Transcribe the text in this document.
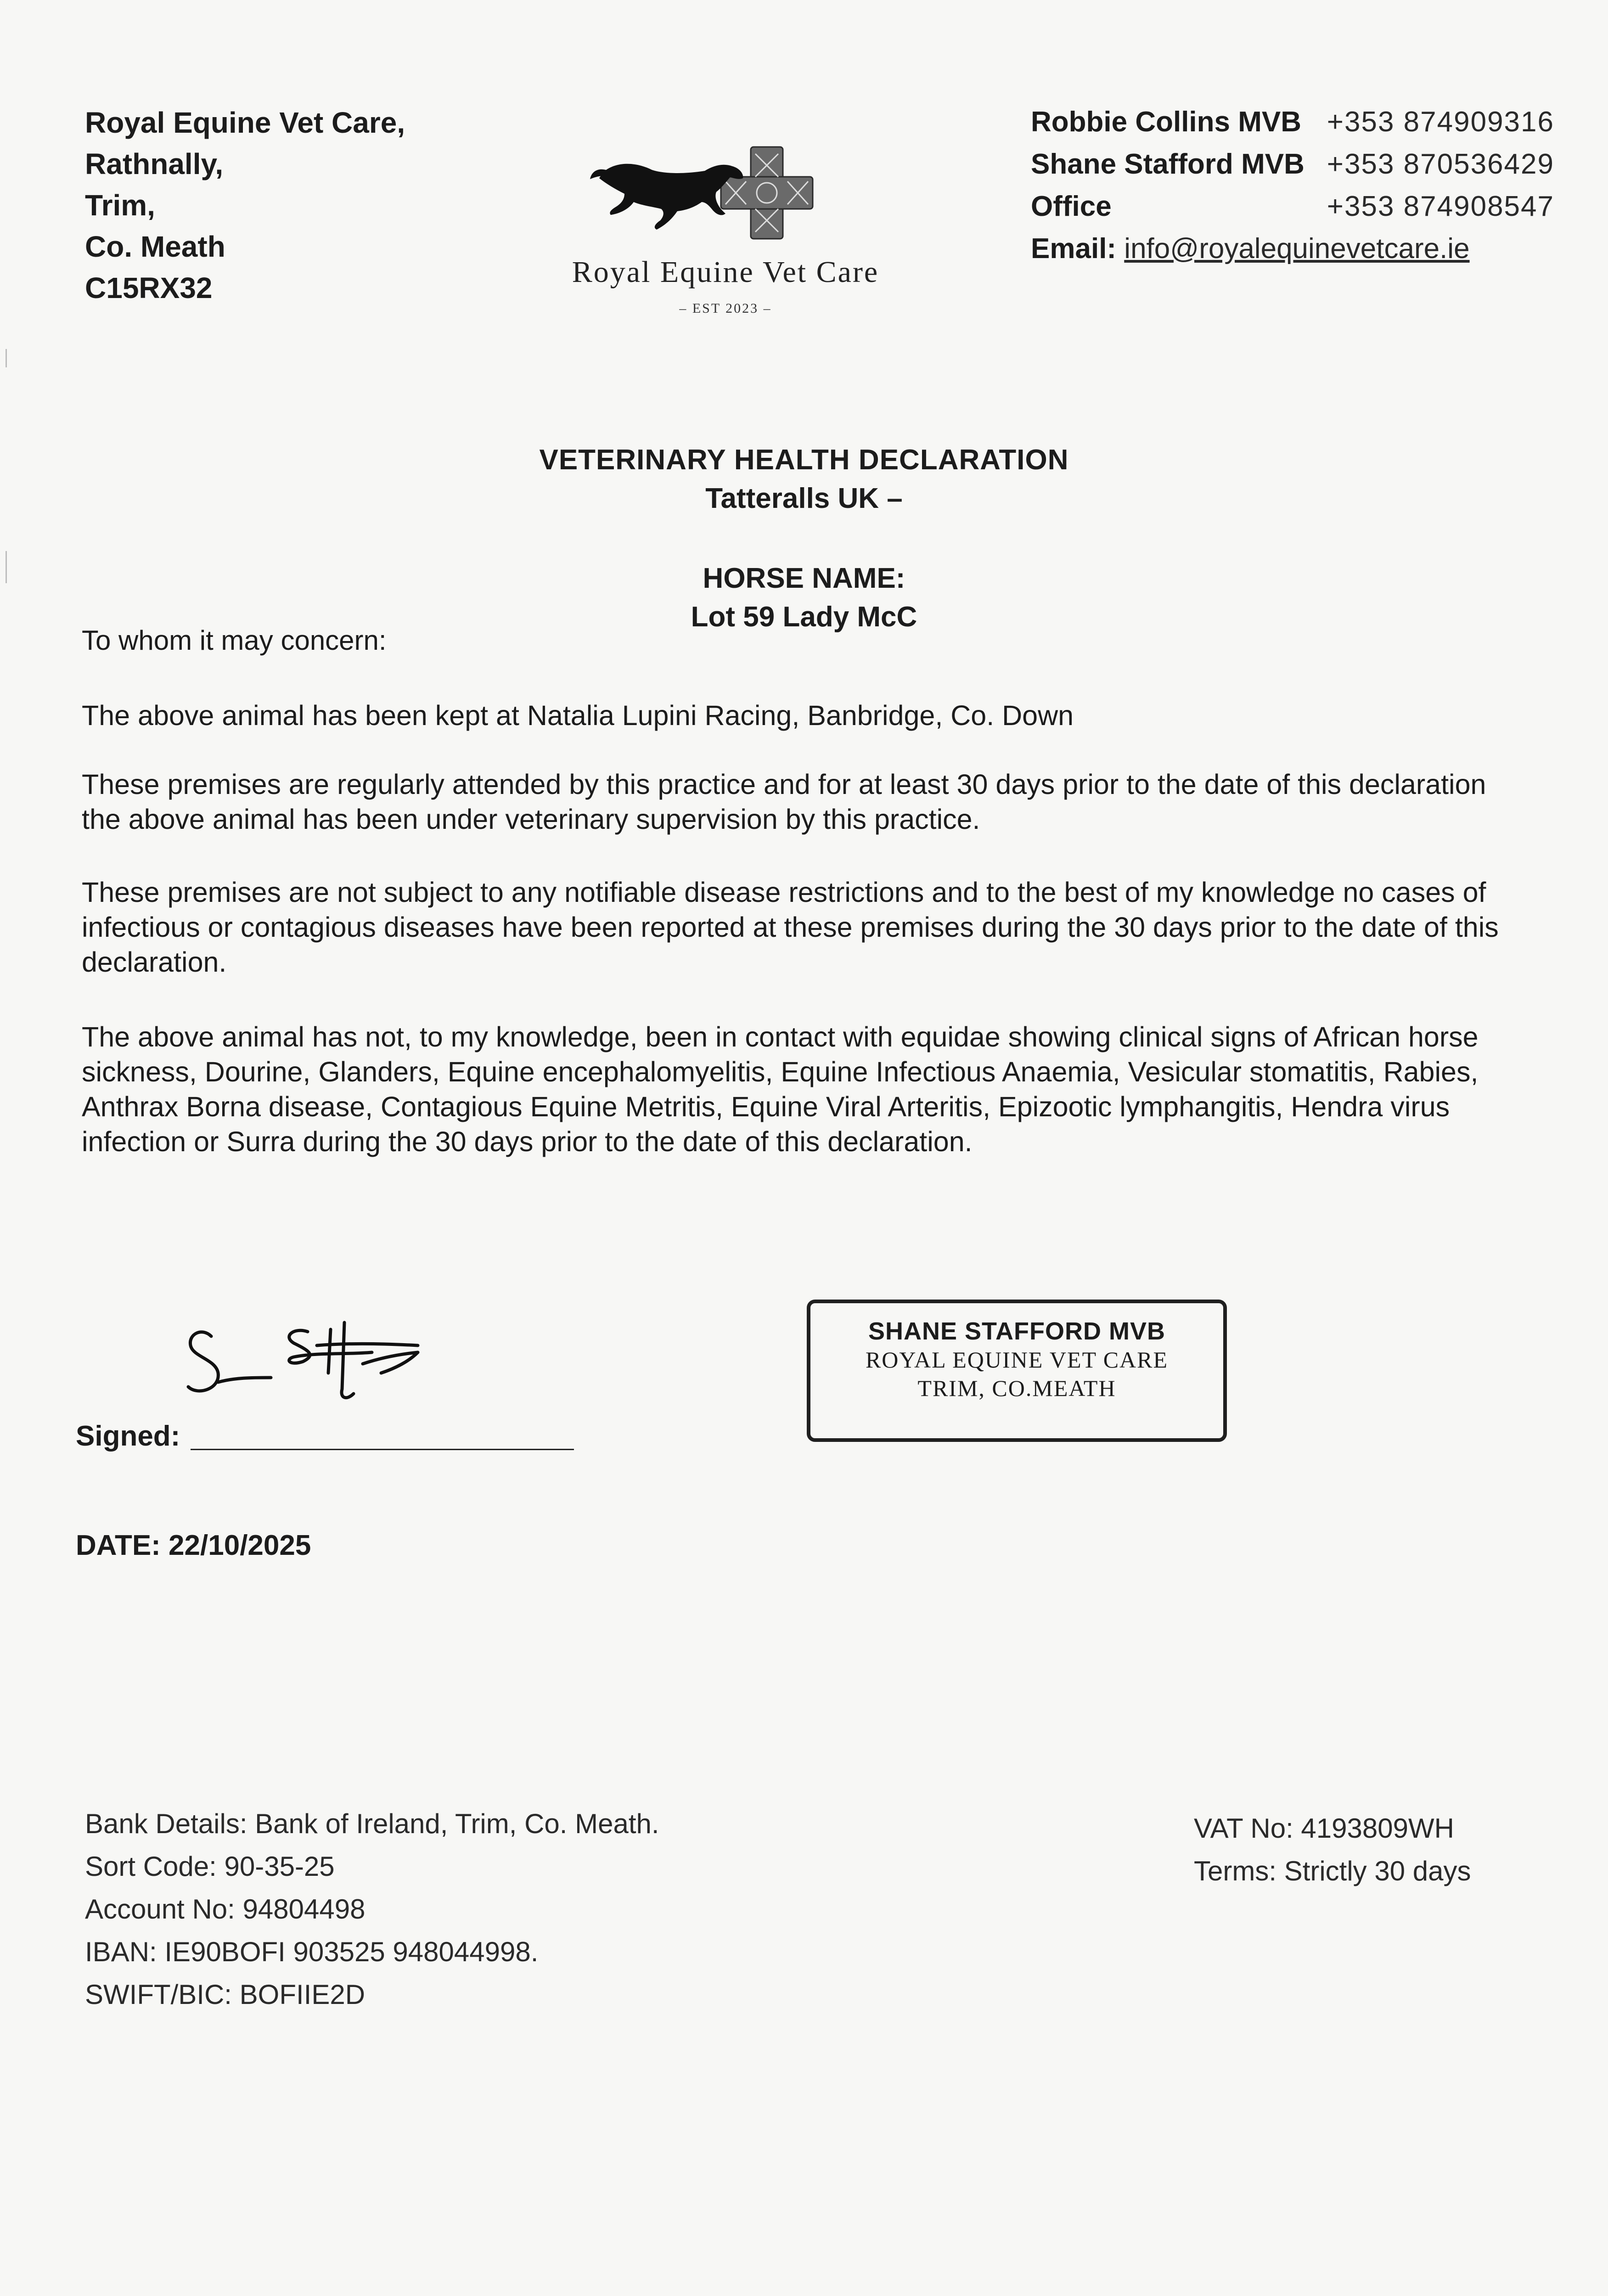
Royal Equine Vet Care,
Rathnally,
Trim,
Co. Meath
C15RX32	Royal Equine Vet Care
– EST 2023 –
Robbie Collins MVB +353 874909316
Shane Stafford MVB +353 870536429
Office	+353 874908547
Email: info@royalequinevetcare.ie
VETERINARY HEALTH DECLARATION
Tatteralls UK –
HORSE NAME:
Lot 59 Lady McC
To whom it may concern:
The above animal has been kept at Natalia Lupini Racing, Banbridge, Co. Down
These premises are regularly attended by this practice and for at least 30 days prior to the date of this declaration the above animal has been under veterinary supervision by this practice.
These premises are not subject to any notifiable disease restrictions and to the best of my knowledge no cases of infectious or contagious diseases have been reported at these premises during the 30 days prior to the date of this declaration.
The above animal has not, to my knowledge, been in contact with equidae showing clinical signs of African horse sickness, Dourine, Glanders, Equine encephalomyelitis, Equine Infectious Anaemia, Vesicular stomatitis, Rabies, Anthrax Borna disease, Contagious Equine Metritis, Equine Viral Arteritis, Epizootic lymphangitis, Hendra virus infection or Surra during the 30 days prior to the date of this declaration.
Signed:
SHANE STAFFORD MVB
ROYAL EQUINE VET CARE
TRIM, CO.MEATH
DATE: 22/10/2025
Bank Details: Bank of Ireland, Trim, Co. Meath.
Sort Code: 90-35-25
Account No: 94804498
IBAN: IE90BOFI 903525 948044998.
SWIFT/BIC: BOFIIE2D
VAT No: 4193809WH
Terms: Strictly 30 days
